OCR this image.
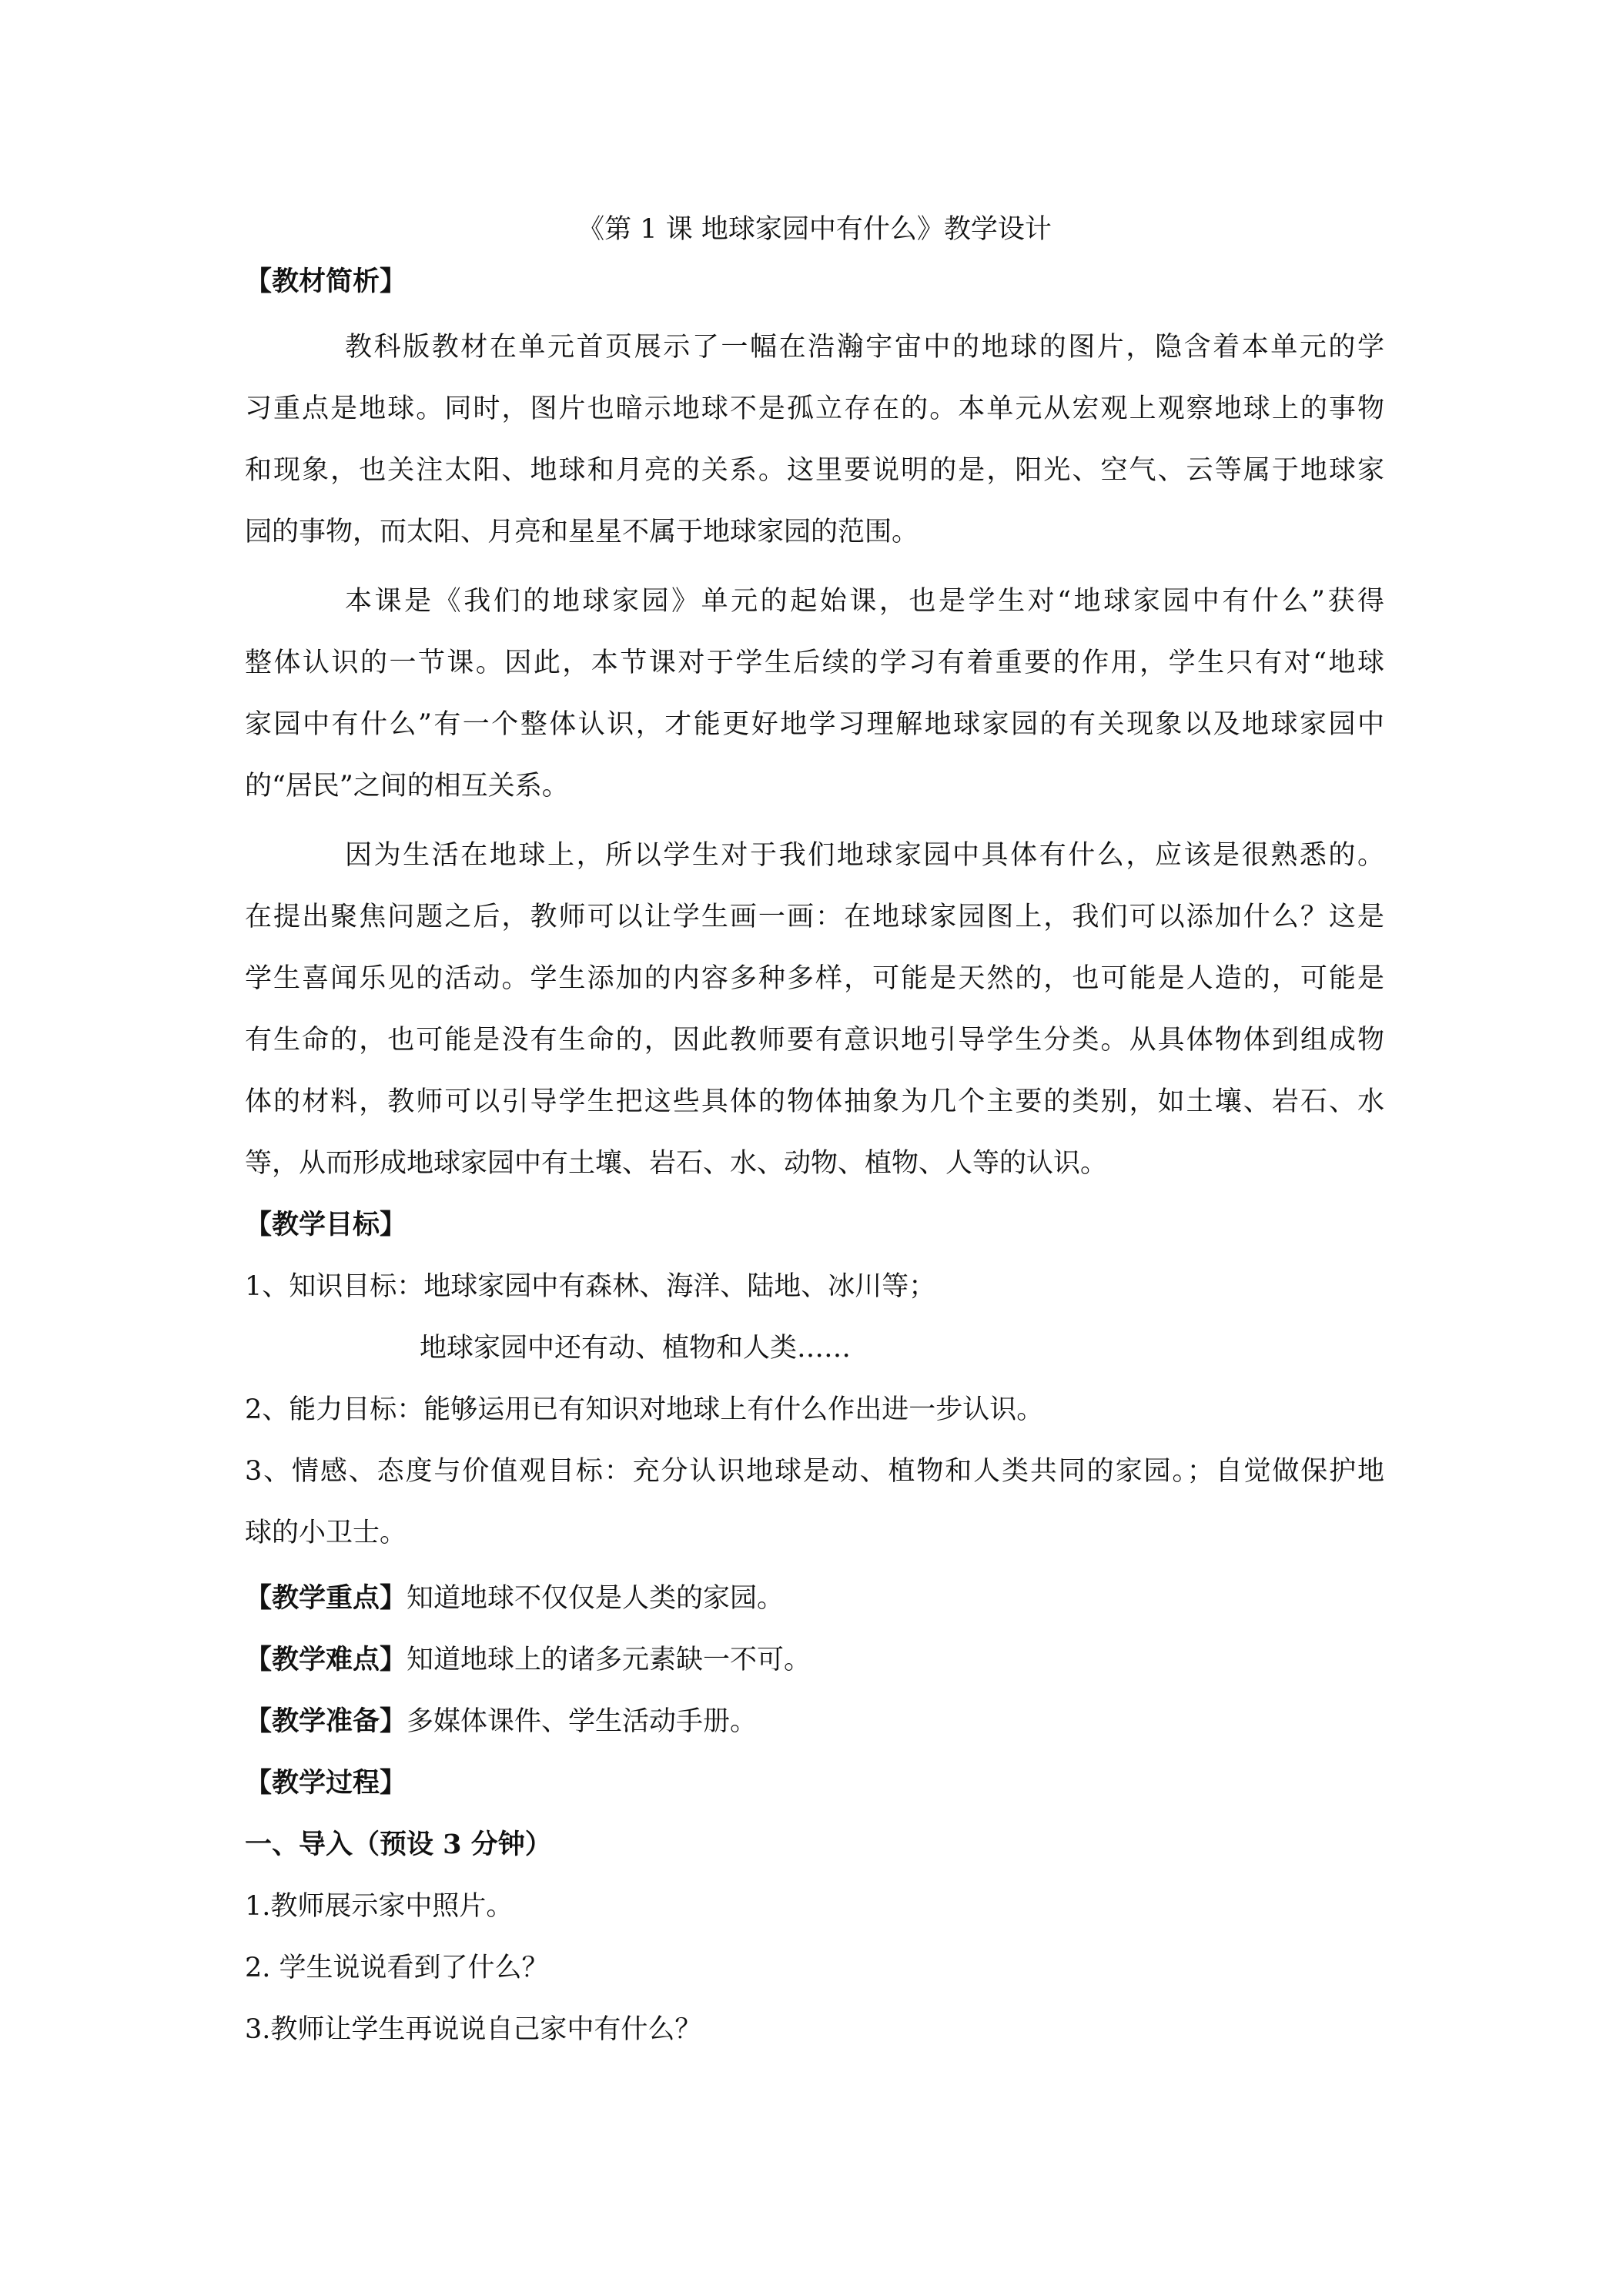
《第 1 课 地球家园中有什么》教学设计
【教材简析】
教科版教材在单元首页展示了一幅在浩瀚宇宙中的地球的图片，隐含着本单元的学
习重点是地球。同时，图片也暗示地球不是孤立存在的。本单元从宏观上观察地球上的事物
和现象，也关注太阳、地球和月亮的关系。这里要说明的是，阳光、空气、云等属于地球家
园的事物，而太阳、月亮和星星不属于地球家园的范围。
本课是《我们的地球家园》单元的起始课，也是学生对“地球家园中有什么”获得
整体认识的一节课。因此，本节课对于学生后续的学习有着重要的作用，学生只有对“地球
家园中有什么”有一个整体认识，才能更好地学习理解地球家园的有关现象以及地球家园中
的“居民”之间的相互关系。
因为生活在地球上，所以学生对于我们地球家园中具体有什么，应该是很熟悉的。
在提出聚焦问题之后，教师可以让学生画一画：在地球家园图上，我们可以添加什么？这是
学生喜闻乐见的活动。学生添加的内容多种多样，可能是天然的，也可能是人造的，可能是
有生命的，也可能是没有生命的，因此教师要有意识地引导学生分类。从具体物体到组成物
体的材料，教师可以引导学生把这些具体的物体抽象为几个主要的类别，如土壤、岩石、水
等，从而形成地球家园中有土壤、岩石、水、动物、植物、人等的认识。
【教学目标】
1、知识目标：地球家园中有森林、海洋、陆地、冰川等；
地球家园中还有动、植物和人类……
2、能力目标：能够运用已有知识对地球上有什么作出进一步认识。
3、情感、态度与价值观目标：充分认识地球是动、植物和人类共同的家园。；自觉做保护地
球的小卫士。
【教学重点】知道地球不仅仅是人类的家园。
【教学难点】知道地球上的诸多元素缺一不可。
【教学准备】多媒体课件、学生活动手册。
【教学过程】
一、导入（预设 3 分钟）
1.教师展示家中照片。
2. 学生说说看到了什么？
3.教师让学生再说说自己家中有什么？
